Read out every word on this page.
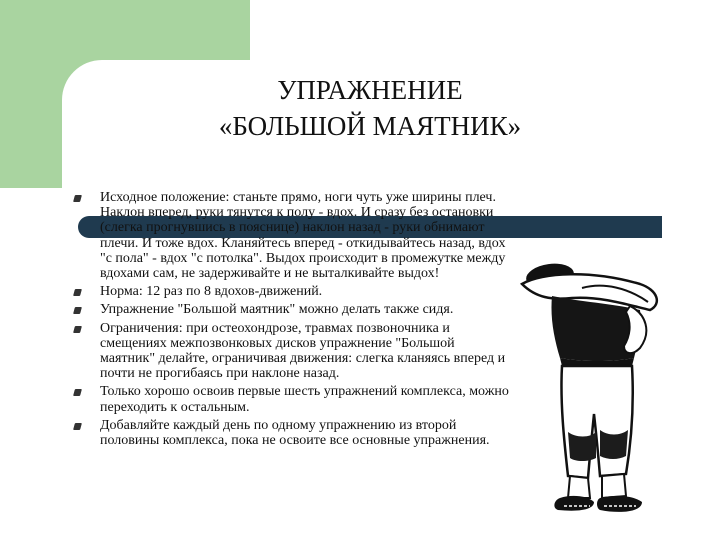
УПРАЖНЕНИЕ
«БОЛЬШОЙ МАЯТНИК»
Исходное положение: станьте прямо, ноги чуть уже ширины плеч. Наклон вперед, руки тянутся к полу - вдох. И сразу без остановки (слегка прогнувшись в пояснице) наклон назад - руки обнимают плечи. И тоже вдох. Кланяйтесь вперед - откидывайтесь назад, вдох "с пола" - вдох "с потолка". Выдох происходит в промежутке между вдохами сам, не задерживайте и не выталкивайте выдох!
Норма: 12 раз по 8 вдохов-движений.
Упражнение "Большой маятник" можно делать также сидя.
Ограничения: при остеохондрозе, травмах позвоночника и смещениях межпозвонковых дисков упражнение "Большой маятник" делайте, ограничивая движения: слегка кланяясь вперед и почти не прогибаясь при наклоне назад.
Только хорошо освоив первые шесть упражнений комплекса, можно переходить к остальным.
Добавляйте каждый день по одному упражнению из второй половины комплекса, пока не освоите все основные упражнения.
